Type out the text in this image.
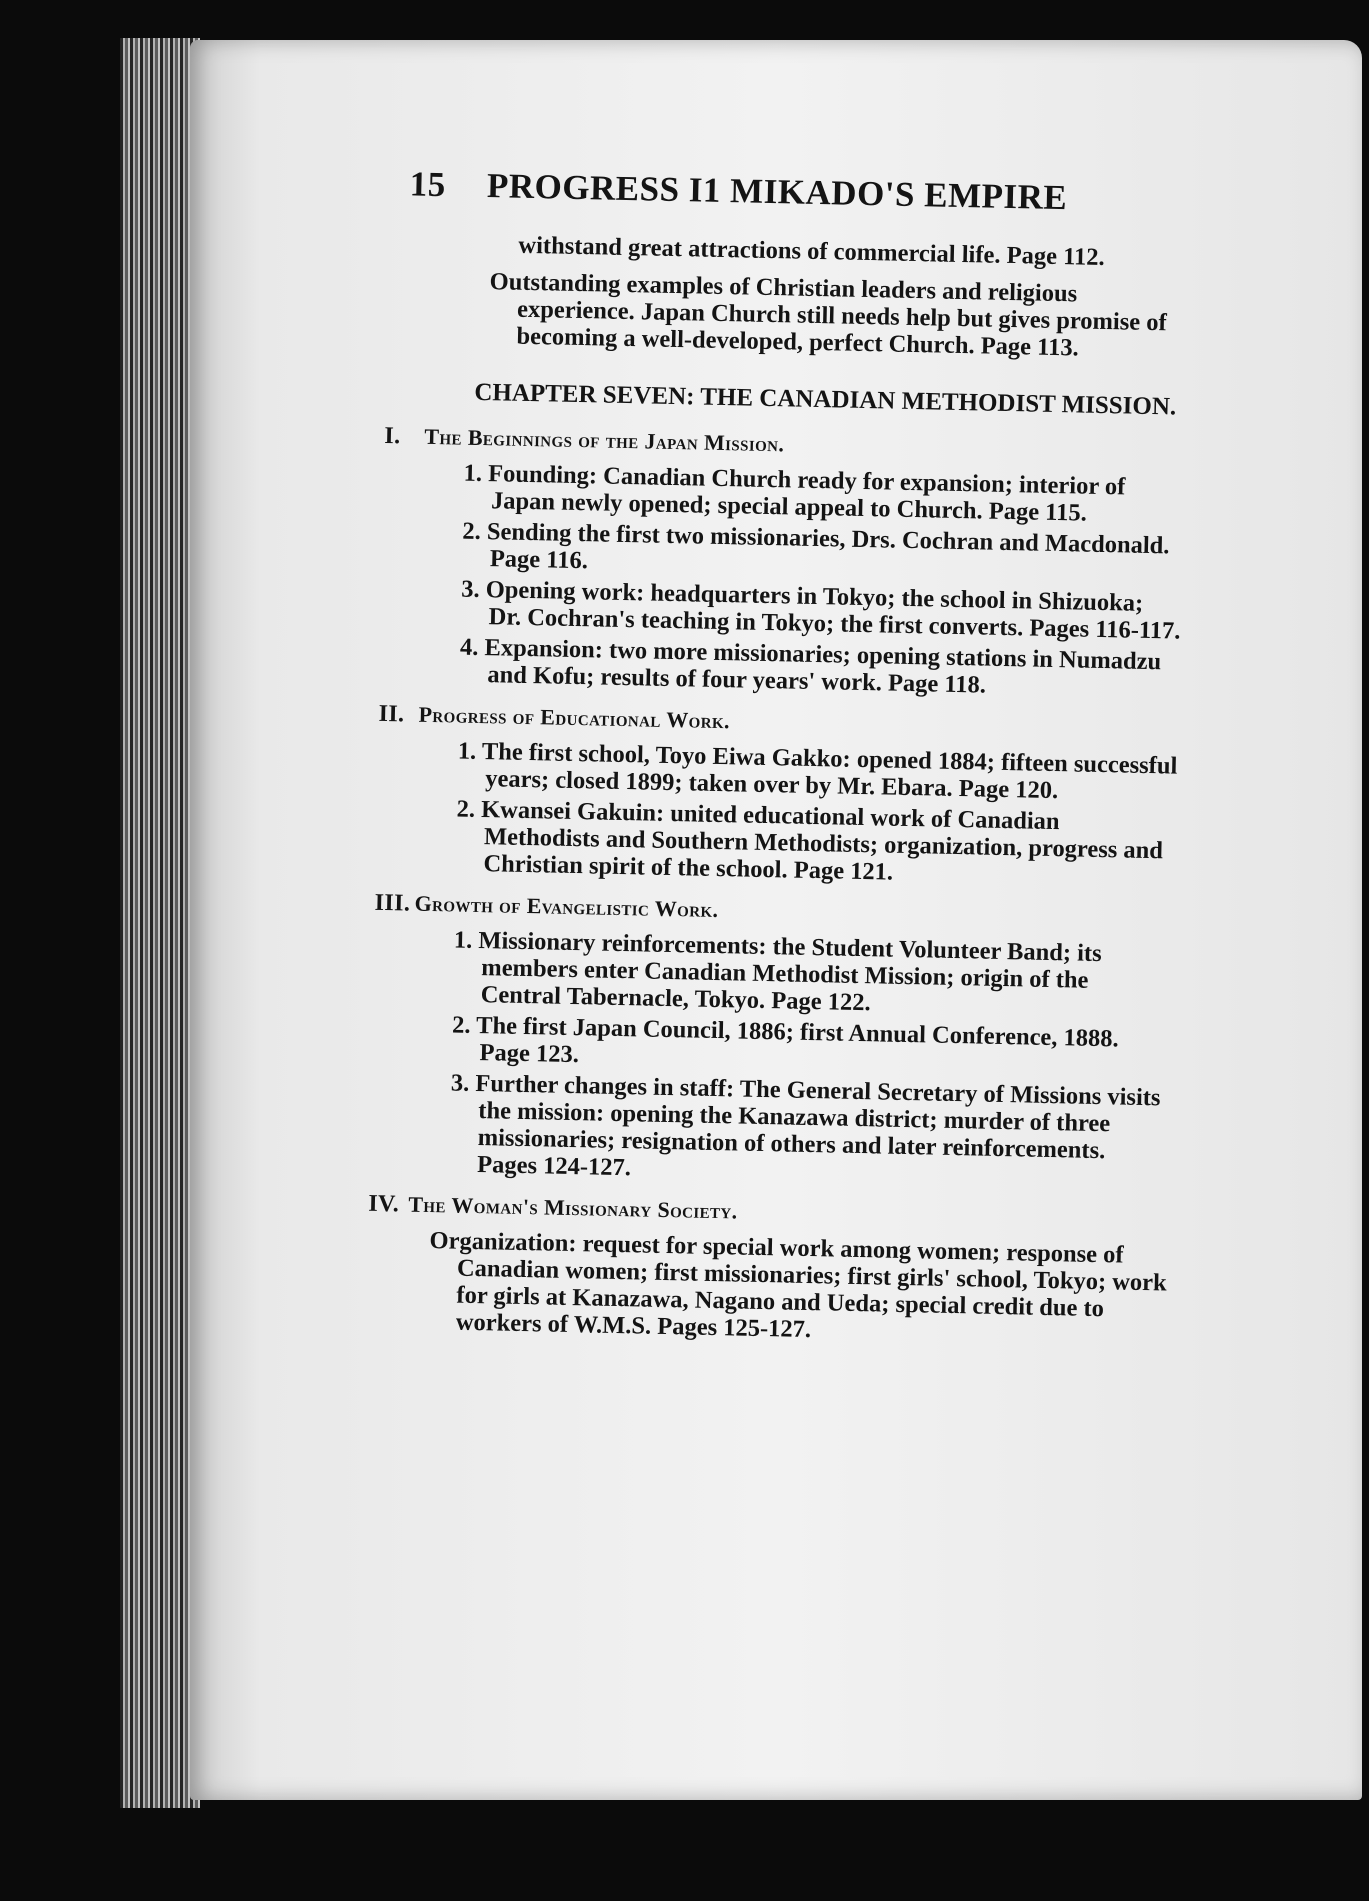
15 PROGRESS I1 MIKADO'S EMPIRE
withstand great attractions of commercial life. Page 112.
Outstanding examples of Christian leaders and religious experience. Japan Church still needs help but gives promise of becoming a well-developed, perfect Church. Page 113.
CHAPTER SEVEN: THE CANADIAN METHODIST MISSION.
I. The Beginnings of the Japan Mission.
1. Founding: Canadian Church ready for expansion; interior of Japan newly opened; special appeal to Church. Page 115.
2. Sending the first two missionaries, Drs. Cochran and Macdonald. Page 116.
3. Opening work: headquarters in Tokyo; the school in Shizuoka; Dr. Cochran's teaching in Tokyo; the first converts. Pages 116-117.
4. Expansion: two more missionaries; opening stations in Numadzu and Kofu; results of four years' work. Page 118.
II. Progress of Educational Work.
1. The first school, Toyo Eiwa Gakko: opened 1884; fifteen successful years; closed 1899; taken over by Mr. Ebara. Page 120.
2. Kwansei Gakuin: united educational work of Canadian Methodists and Southern Methodists; organization, progress and Christian spirit of the school. Page 121.
III. Growth of Evangelistic Work.
1. Missionary reinforcements: the Student Volunteer Band; its members enter Canadian Methodist Mission; origin of the Central Tabernacle, Tokyo. Page 122.
2. The first Japan Council, 1886; first Annual Conference, 1888. Page 123.
3. Further changes in staff: The General Secretary of Missions visits the mission: opening the Kanazawa district; murder of three missionaries; resignation of others and later reinforcements. Pages 124-127.
IV. The Woman's Missionary Society.
Organization: request for special work among women; response of Canadian women; first missionaries; first girls' school, Tokyo; work for girls at Kanazawa, Nagano and Ueda; special credit due to workers of W.M.S. Pages 125-127.
